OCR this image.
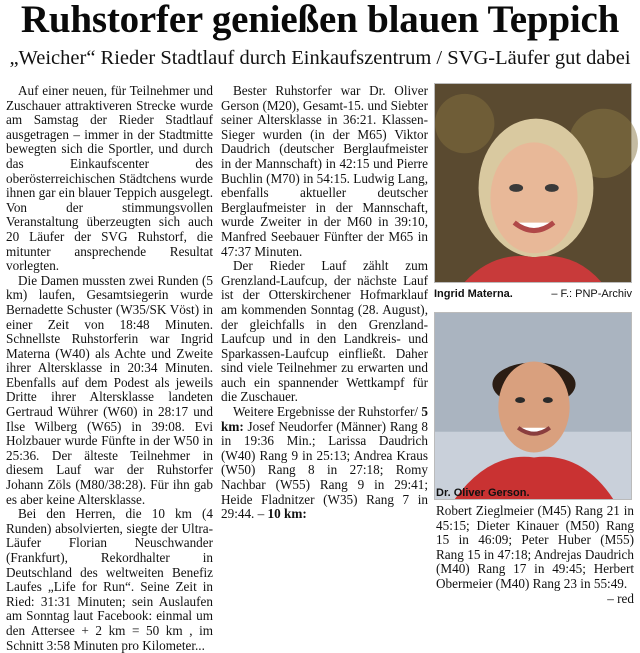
Ruhstorfer genießen blauen Teppich
„Weicher“ Rieder Stadtlauf durch Einkaufszentrum / SVG-Läufer gut dabei

Auf einer neuen, für Teilnehmer und Zuschauer attraktiveren Strecke wurde am Samstag der Rieder Stadtlauf ausgetragen – immer in der Stadtmitte bewegten sich die Sportler, und durch das Einkaufscenter des oberösterreichischen Städtchens wurde ihnen gar ein blauer Teppich ausgelegt. Von der stimmungsvollen Veranstaltung überzeugten sich auch 20 Läufer der SVG Ruhstorf, die mitunter ansprechende Resultat vorlegten.

Die Damen mussten zwei Runden (5 km) laufen, Gesamtsiegerin wurde Bernadette Schuster (W35/SK Vöst) in einer Zeit von 18:48 Minuten. Schnellste Ruhstorferin war Ingrid Materna (W40) als Achte und Zweite ihrer Altersklasse in 20:34 Minuten. Ebenfalls auf dem Podest als jeweils Dritte ihrer Altersklasse landeten Gertraud Wührer (W60) in 28:17 und Ilse Wilberg (W65) in 39:08. Evi Holzbauer wurde Fünfte in der W50 in 25:36. Der älteste Teilnehmer in diesem Lauf war der Ruhstorfer Johann Zöls (M80/38:28). Für ihn gab es aber keine Altersklasse.

Bei den Herren, die 10 km (4 Runden) absolvierten, siegte der Ultra-Läufer Florian Neuschwander (Frankfurt), Rekordhalter in Deutschland des weltweiten Benefiz Laufes „Life for Run“. Seine Zeit in Ried: 31:31 Minuten; sein Auslaufen am Sonntag laut Facebook: einmal um den Attersee + 2 km = 50 km , im Schnitt 3:58 Minuten pro Kilometer...

Bester Ruhstorfer war Dr. Oliver Gerson (M20), Gesamt-15. und Siebter seiner Altersklasse in 36:21. Klassen-Sieger wurden (in der M65) Viktor Daudrich (deutscher Berglaufmeister in der Mannschaft) in 42:15 und Pierre Buchlin (M70) in 54:15. Ludwig Lang, ebenfalls aktueller deutscher Berglaufmeister in der Mannschaft, wurde Zweiter in der M60 in 39:10, Manfred Seebauer Fünfter der M65 in 47:37 Minuten.

Der Rieder Lauf zählt zum Grenzland-Laufcup, der nächste Lauf ist der Otterskirchener Hofmarklauf am kommenden Sonntag (28. August), der gleichfalls in den Grenzland-Laufcup und in den Landkreis- und Sparkassen-Laufcup einfließt. Daher sind viele Teilnehmer zu erwarten und auch ein spannender Wettkampf für die Zuschauer.

Weitere Ergebnisse der Ruhstorfer/ 5 km: Josef Neudorfer (Männer) Rang 8 in 19:36 Min.; Larissa Daudrich (W40) Rang 9 in 25:13; Andrea Kraus (W50) Rang 8 in 27:18; Romy Nachbar (W55) Rang 9 in 29:41; Heide Fladnitzer (W35) Rang 7 in 29:44. – 10 km:	Robert Zieglmeier (M45) Rang 21 in 45:15; Dieter Kinauer (M50) Rang 15 in 46:09; Peter Huber (M55) Rang 15 in 47:18; Andrejas Daudrich (M40) Rang 17 in 49:45; Herbert Obermeier (M40) Rang 23 in 55:49.

– red

Ingrid Materna.	– F.: PNP-Archiv
Dr. Oliver Gerson.
